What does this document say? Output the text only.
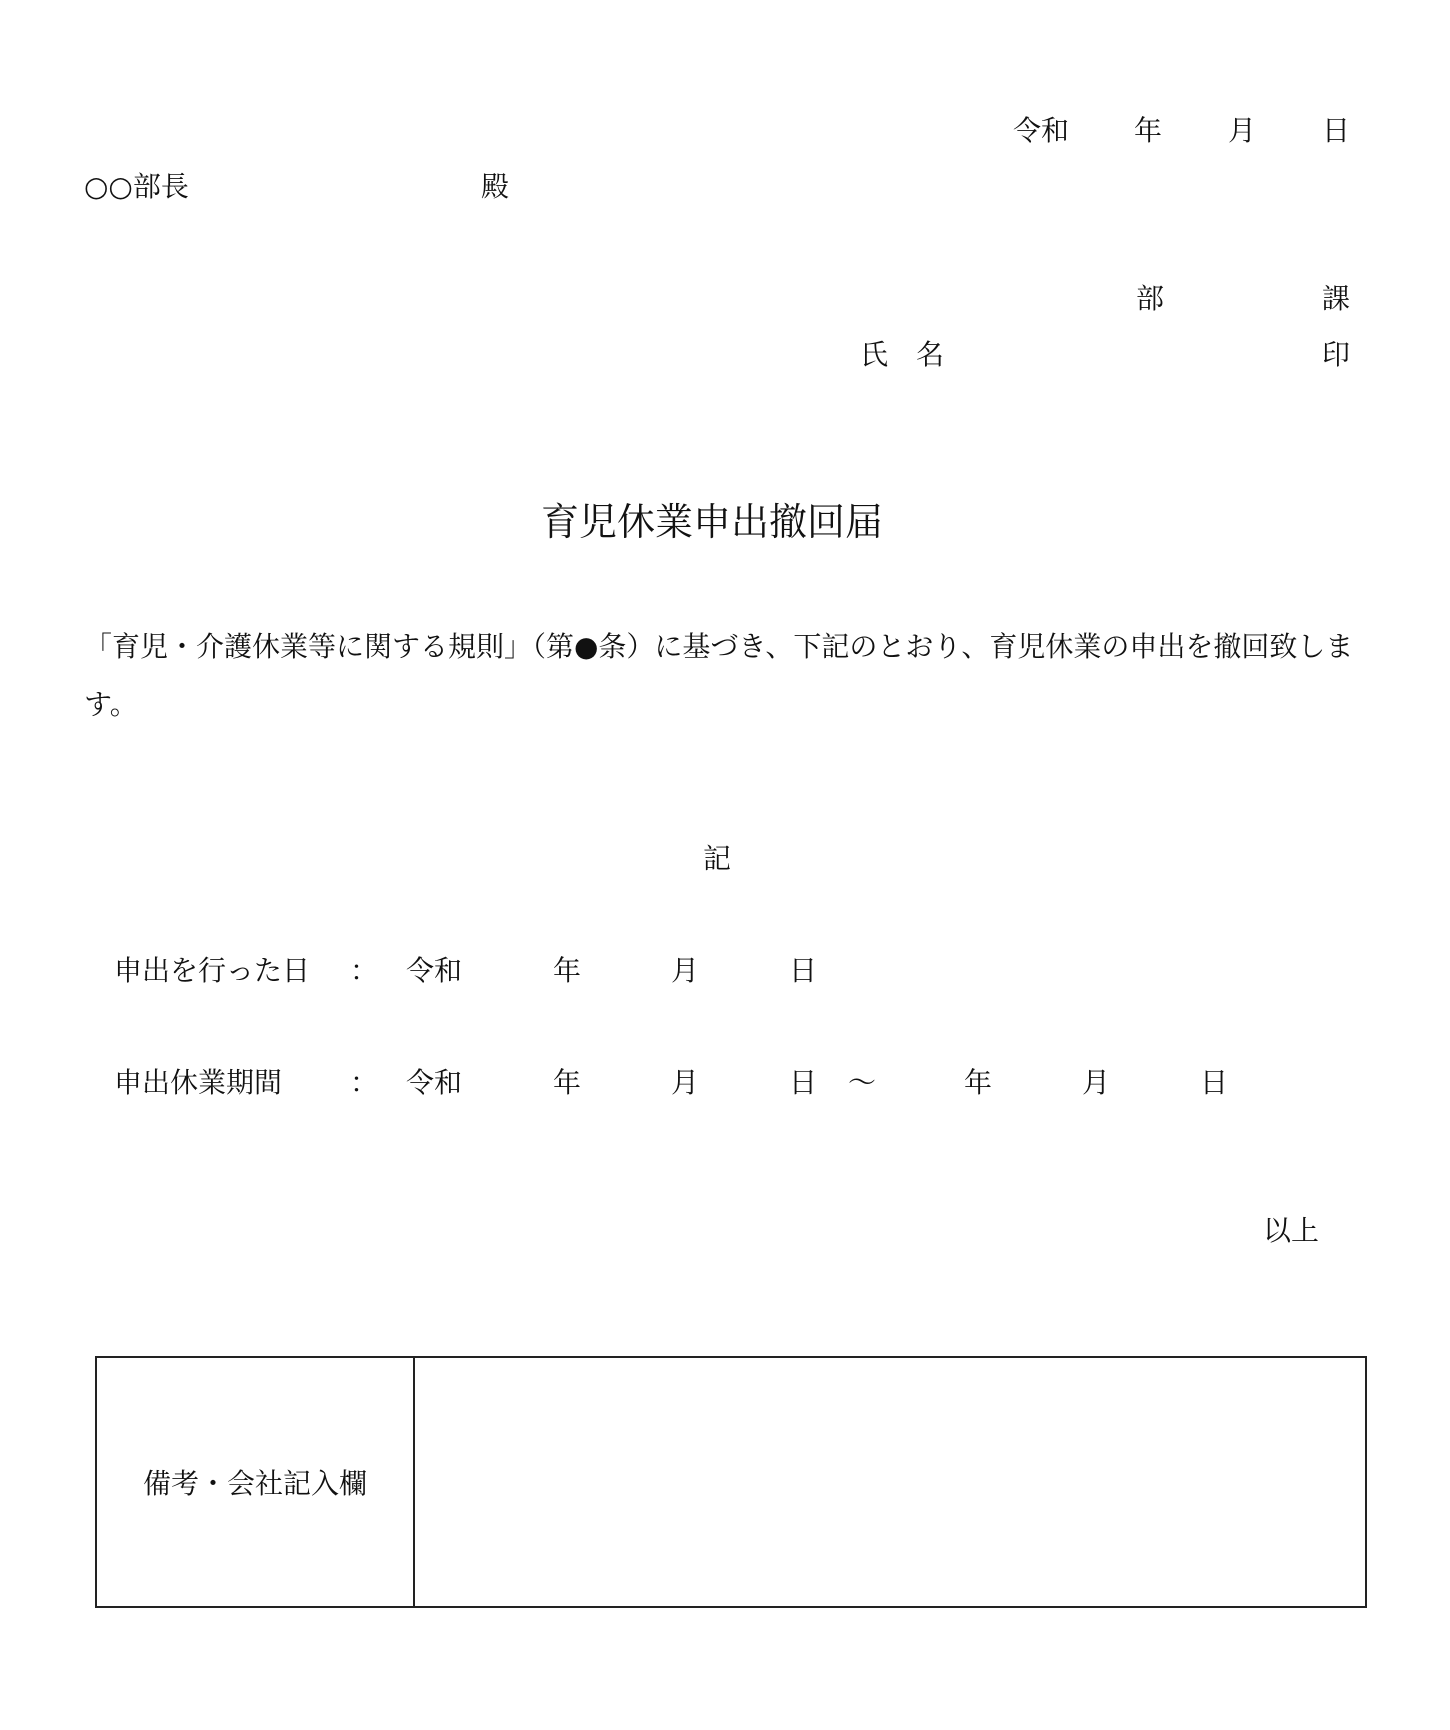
令和 年 月 日
○○部長	殿
部	課
氏　名	印
育児休業申出撤回届
「育児・介護休業等に関する規則」（第●条）に基づき、下記のとおり、育児休業の申出を撤回致します。
記
申出を行った日 ： 令和	年	月	日
申出休業期間 ： 令和	年	月	日 ～	年	月	日
以上
備考・会社記入欄
